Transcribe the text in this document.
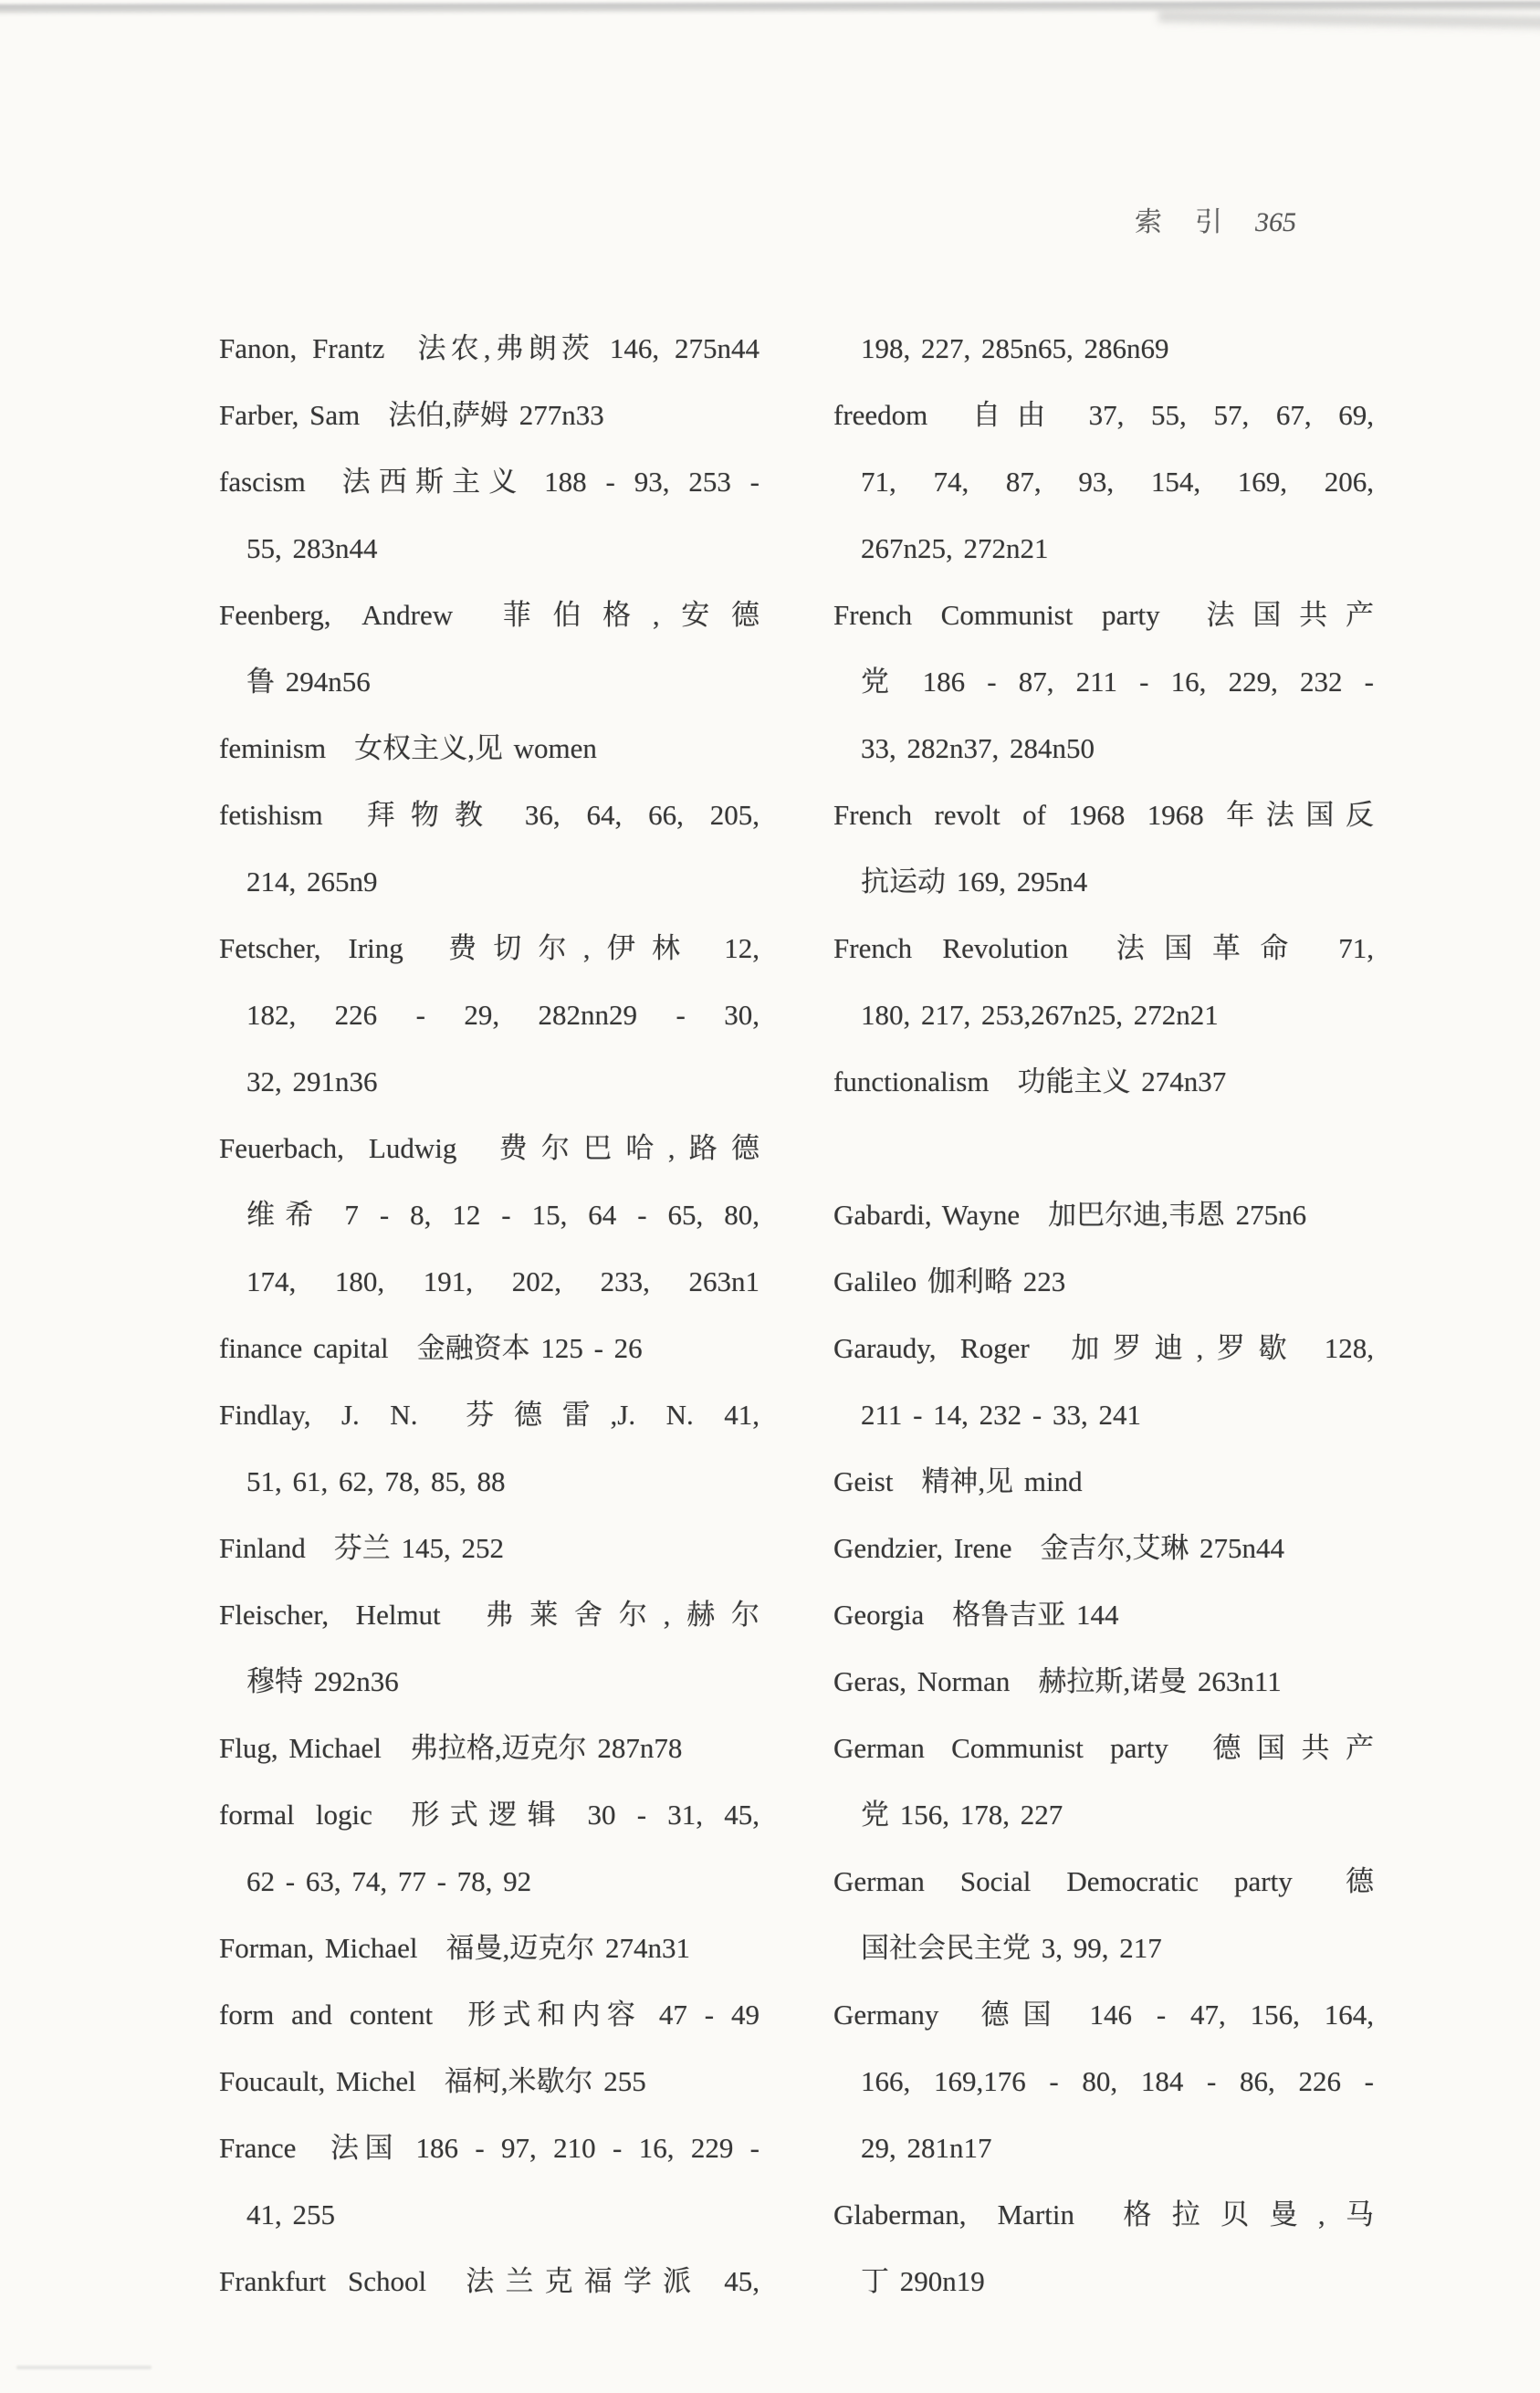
索引 365
Fanon, Frantz 法农,弗朗茨 146, 275n44
Farber, Sam 法伯,萨姆 277n33
fascism 法西斯主义 188 - 93, 253 -
55, 283n44
Feenberg, Andrew 菲伯格,安德
鲁 294n56
feminism 女权主义,见 women
fetishism 拜物教 36, 64, 66, 205,
214, 265n9
Fetscher, Iring 费切尔,伊林 12,
182, 226 - 29, 282nn29 - 30,
32, 291n36
Feuerbach, Ludwig 费尔巴哈,路德
维希 7 - 8, 12 - 15, 64 - 65, 80,
174, 180, 191, 202, 233, 263n1
finance capital 金融资本 125 - 26
Findlay, J. N. 芬德雷,J. N. 41,
51, 61, 62, 78, 85, 88
Finland 芬兰 145, 252
Fleischer, Helmut 弗莱舍尔,赫尔
穆特 292n36
Flug, Michael 弗拉格,迈克尔 287n78
formal logic 形式逻辑 30 - 31, 45,
62 - 63, 74, 77 - 78, 92
Forman, Michael 福曼,迈克尔 274n31
form and content 形式和内容 47 - 49
Foucault, Michel 福柯,米歇尔 255
France 法国 186 - 97, 210 - 16, 229 -
41, 255
Frankfurt School 法兰克福学派 45,
198, 227, 285n65, 286n69
freedom 自由 37, 55, 57, 67, 69,
71, 74, 87, 93, 154, 169, 206,
267n25, 272n21
French Communist party 法国共产
党 186 - 87, 211 - 16, 229, 232 -
33, 282n37, 284n50
French revolt of 1968 1968 年法国反
抗运动 169, 295n4
French Revolution 法国革命 71,
180, 217, 253,267n25, 272n21
functionalism 功能主义 274n37
Gabardi, Wayne 加巴尔迪,韦恩 275n6
Galileo 伽利略 223
Garaudy, Roger 加罗迪,罗歇 128,
211 - 14, 232 - 33, 241
Geist 精神,见 mind
Gendzier, Irene 金吉尔,艾琳 275n44
Georgia 格鲁吉亚 144
Geras, Norman 赫拉斯,诺曼 263n11
German Communist party 德国共产
党 156, 178, 227
German Social Democratic party 德
国社会民主党 3, 99, 217
Germany 德国 146 - 47, 156, 164,
166, 169,176 - 80, 184 - 86, 226 -
29, 281n17
Glaberman, Martin 格拉贝曼,马
丁 290n19
